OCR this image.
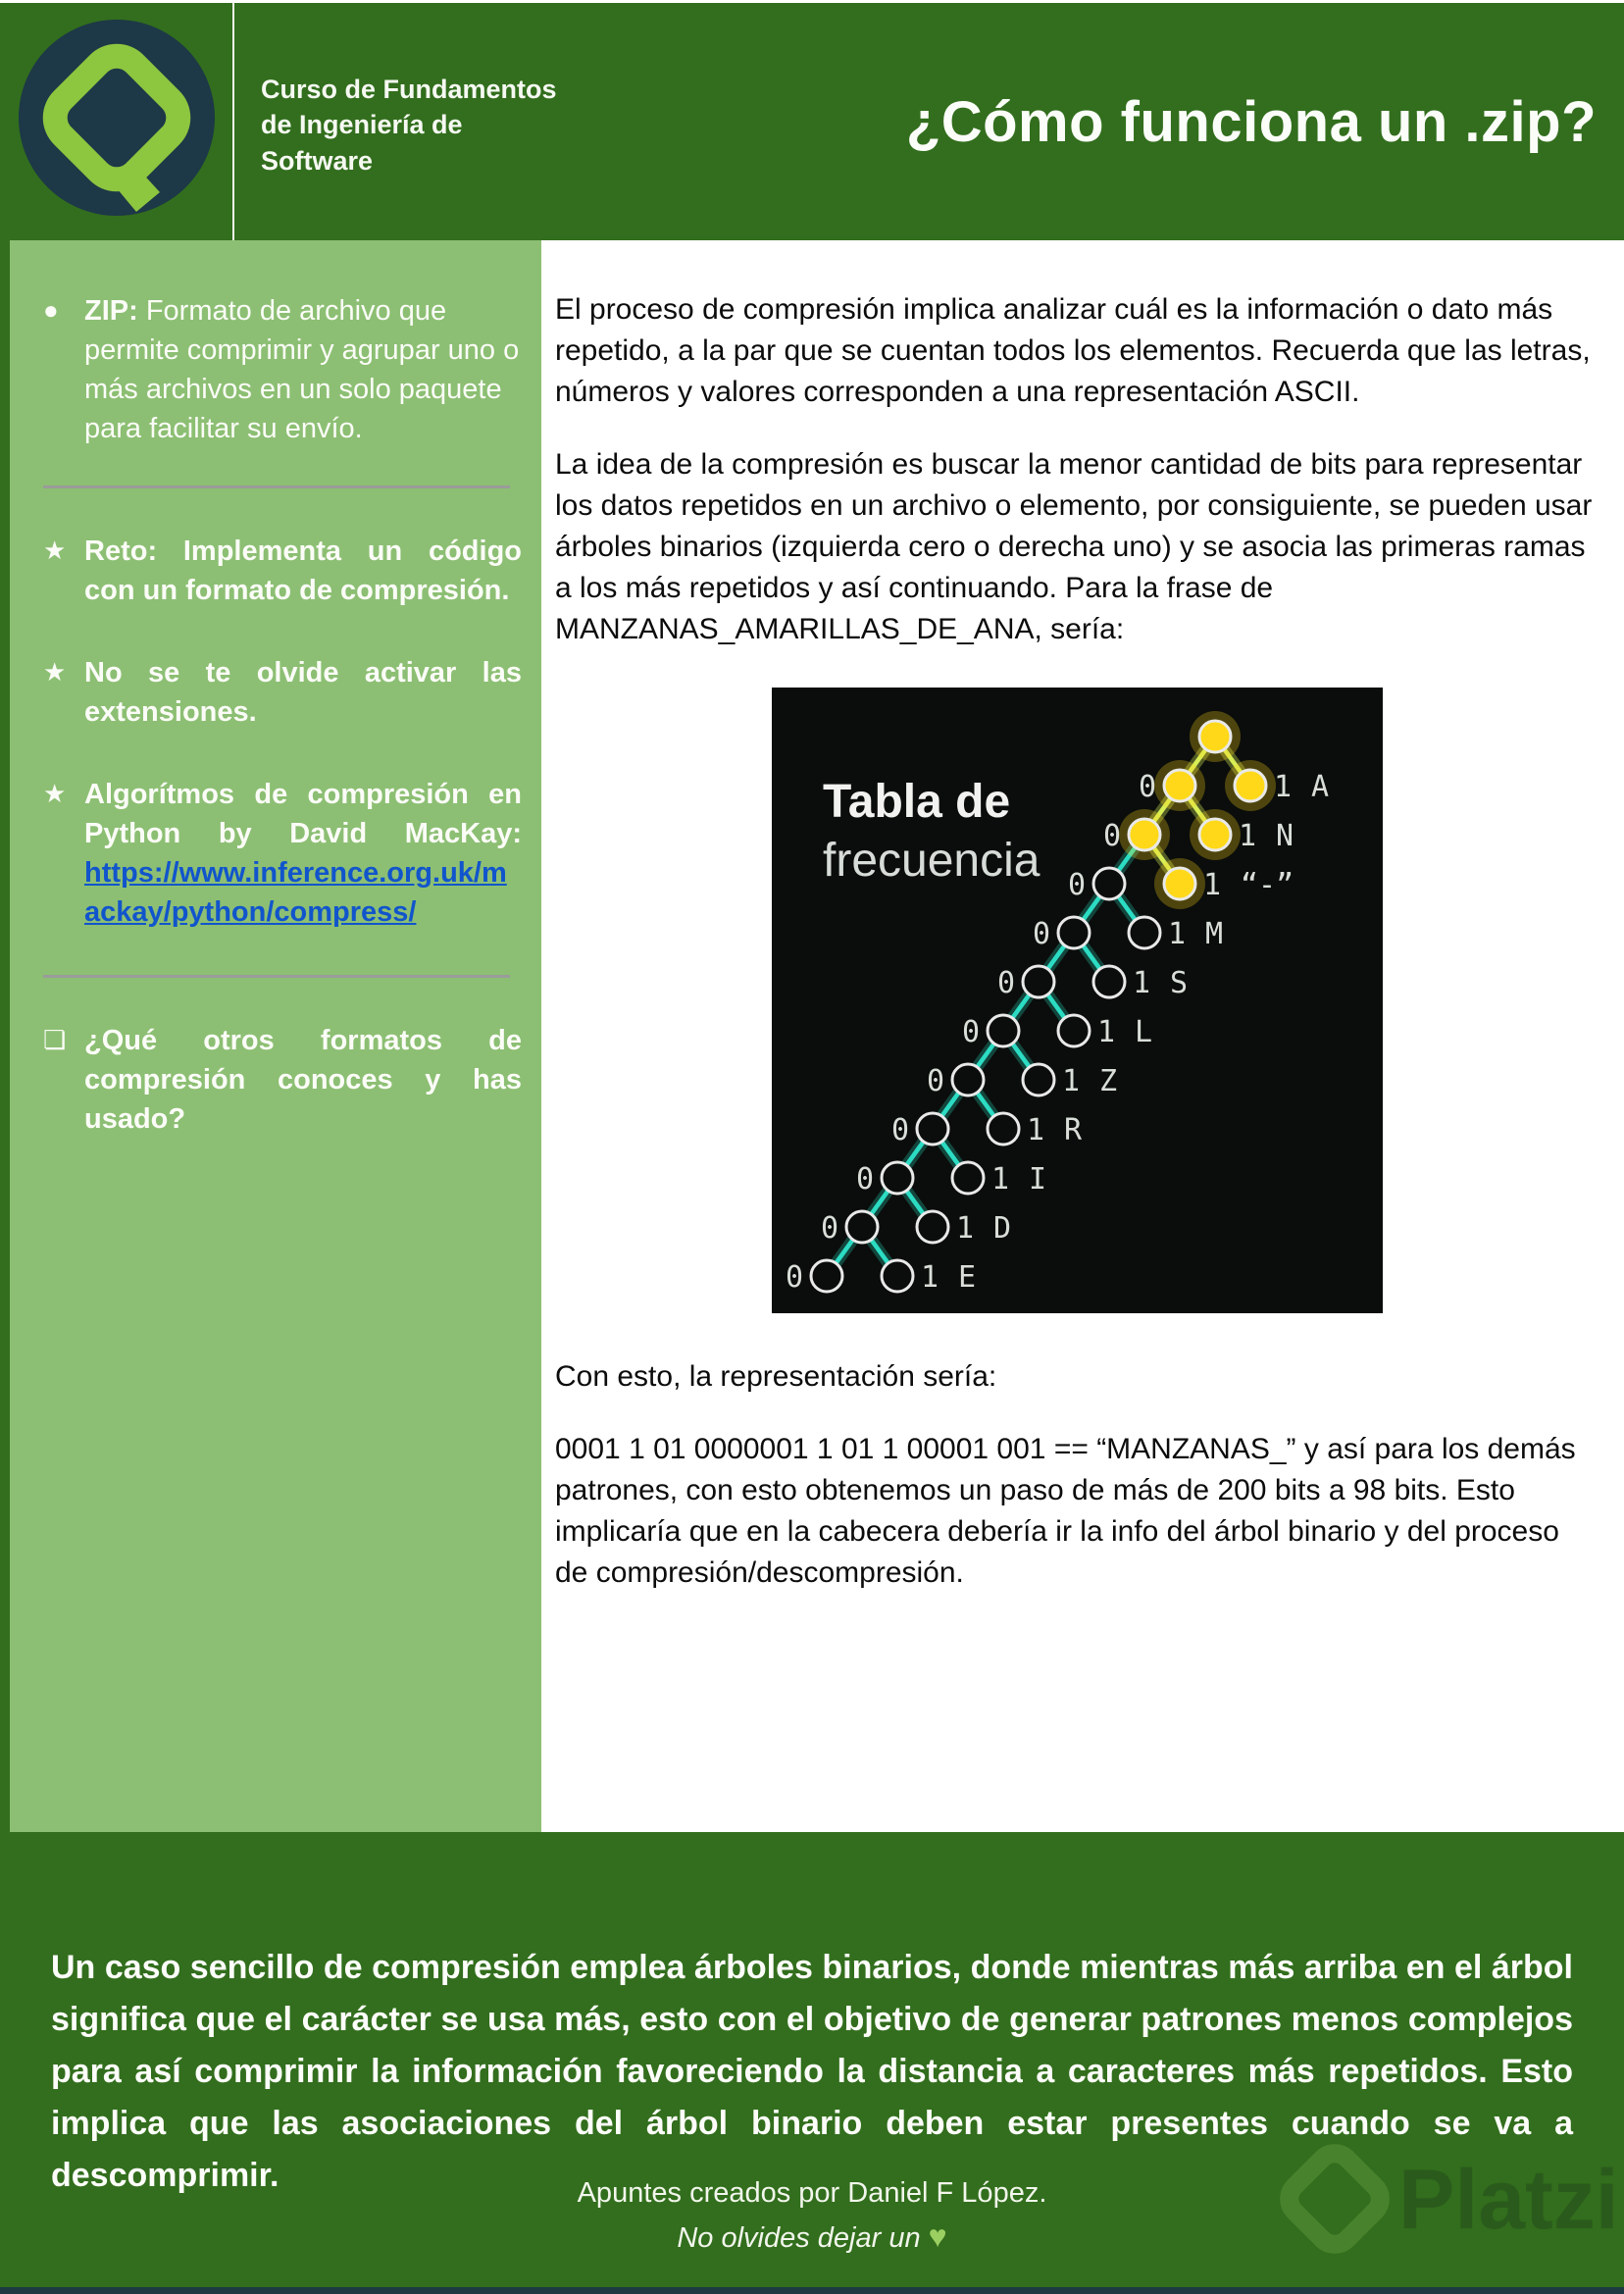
Curso de Fundamentos de Ingeniería de Software
¿Cómo funciona un .zip?
● ZIP: Formato de archivo que permite comprimir y agrupar uno o más archivos en un solo paquete para facilitar su envío.
★ Reto: Implementa un código con un formato de compresión.
★ No se te olvide activar las extensiones.
★ Algorítmos de compresión en Python by David MacKay: https://www.inference.org.uk/mackay/python/compress/
❏ ¿Qué otros formatos de compresión conoces y has usado?

El proceso de compresión implica analizar cuál es la información o dato más repetido, a la par que se cuentan todos los elementos. Recuerda que las letras, números y valores corresponden a una representación ASCII.

La idea de la compresión es buscar la menor cantidad de bits para representar los datos repetidos en un archivo o elemento, por consiguiente, se pueden usar árboles binarios (izquierda cero o derecha uno) y se asocia las primeras ramas a los más repetidos y así continuando. Para la frase de MANZANAS_AMARILLAS_DE_ANA, sería:

Tabla de
frecuencia
0	1 A
0	1 N
0	1 “-”
0	1 M
0	1 S
0	1 L
0	1 Z
0	1 R
0	1 I
0	1 D
0	1 E

Con esto, la representación sería:

0001 1 01 0000001 1 01 1 00001 001 == “MANZANAS_” y así para los demás patrones, con esto obtenemos un paso de más de 200 bits a 98 bits. Esto implicaría que en la cabecera debería ir la info del árbol binario y del proceso de compresión/descompresión.

Un caso sencillo de compresión emplea árboles binarios, donde mientras más arriba en el árbol significa que el carácter se usa más, esto con el objetivo de generar patrones menos complejos para así comprimir la información favoreciendo la distancia a caracteres más repetidos. Esto implica que las asociaciones del árbol binario deben estar presentes cuando se va a descomprimir.	Platzi
Apuntes creados por Daniel F López.
No olvides dejar un ♥
